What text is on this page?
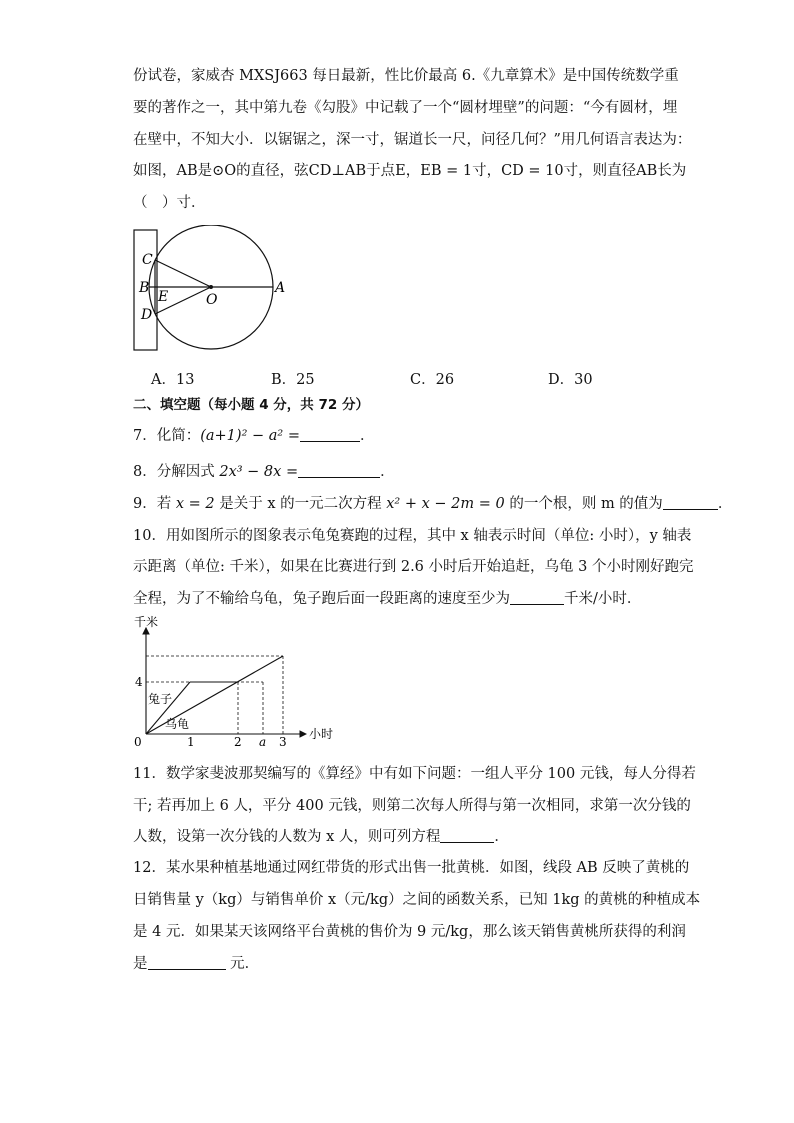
份试卷，家威杏 MXSJ663 每日最新，性比价最高 6.《九章算术》是中国传统数学重
要的著作之一，其中第九卷《勾股》中记载了一个“圆材埋壁”的问题：“今有圆材，埋
在壁中，不知大小．以锯锯之，深一寸，锯道长一尺，问径几何？”用几何语言表达为：
如图，AB是⊙O的直径，弦CD⊥AB于点E，EB = 1寸，CD = 10寸，则直径AB长为
（　）寸．
C
B
E
D
O
A
A．13	B．25	C．26	D．30
二、填空题（每小题 4 分，共 72 分）
7．化简：(a+1)² − a² =	．
8．分解因式 2x³ − 8x =	．
9．若 x = 2 是关于 x 的一元二次方程 x² + x − 2m = 0 的一个根，则 m 的值为	．
10．用如图所示的图象表示龟兔赛跑的过程，其中 x 轴表示时间（单位: 小时），y 轴表
示距离（单位: 千米），如果在比赛进行到 2.6 小时后开始追赶，乌龟 3 个小时刚好跑完
全程，为了不输给乌龟，兔子跑后面一段距离的速度至少为	千米/小时．
千米
小时
4
0	1	2 a 3
兔子
乌龟
11．数学家斐波那契编写的《算经》中有如下问题：一组人平分 100 元钱，每人分得若
干; 若再加上 6 人，平分 400 元钱，则第二次每人所得与第一次相同，求第一次分钱的
人数，设第一次分钱的人数为 x 人，则可列方程	．
12．某水果种植基地通过网红带货的形式出售一批黄桃．如图，线段 AB 反映了黄桃的
日销售量 y（kg）与销售单价 x（元/kg）之间的函数关系，已知 1kg 的黄桃的种植成本
是 4 元．如果某天该网络平台黄桃的售价为 9 元/kg，那么该天销售黄桃所获得的利润
是	元．
